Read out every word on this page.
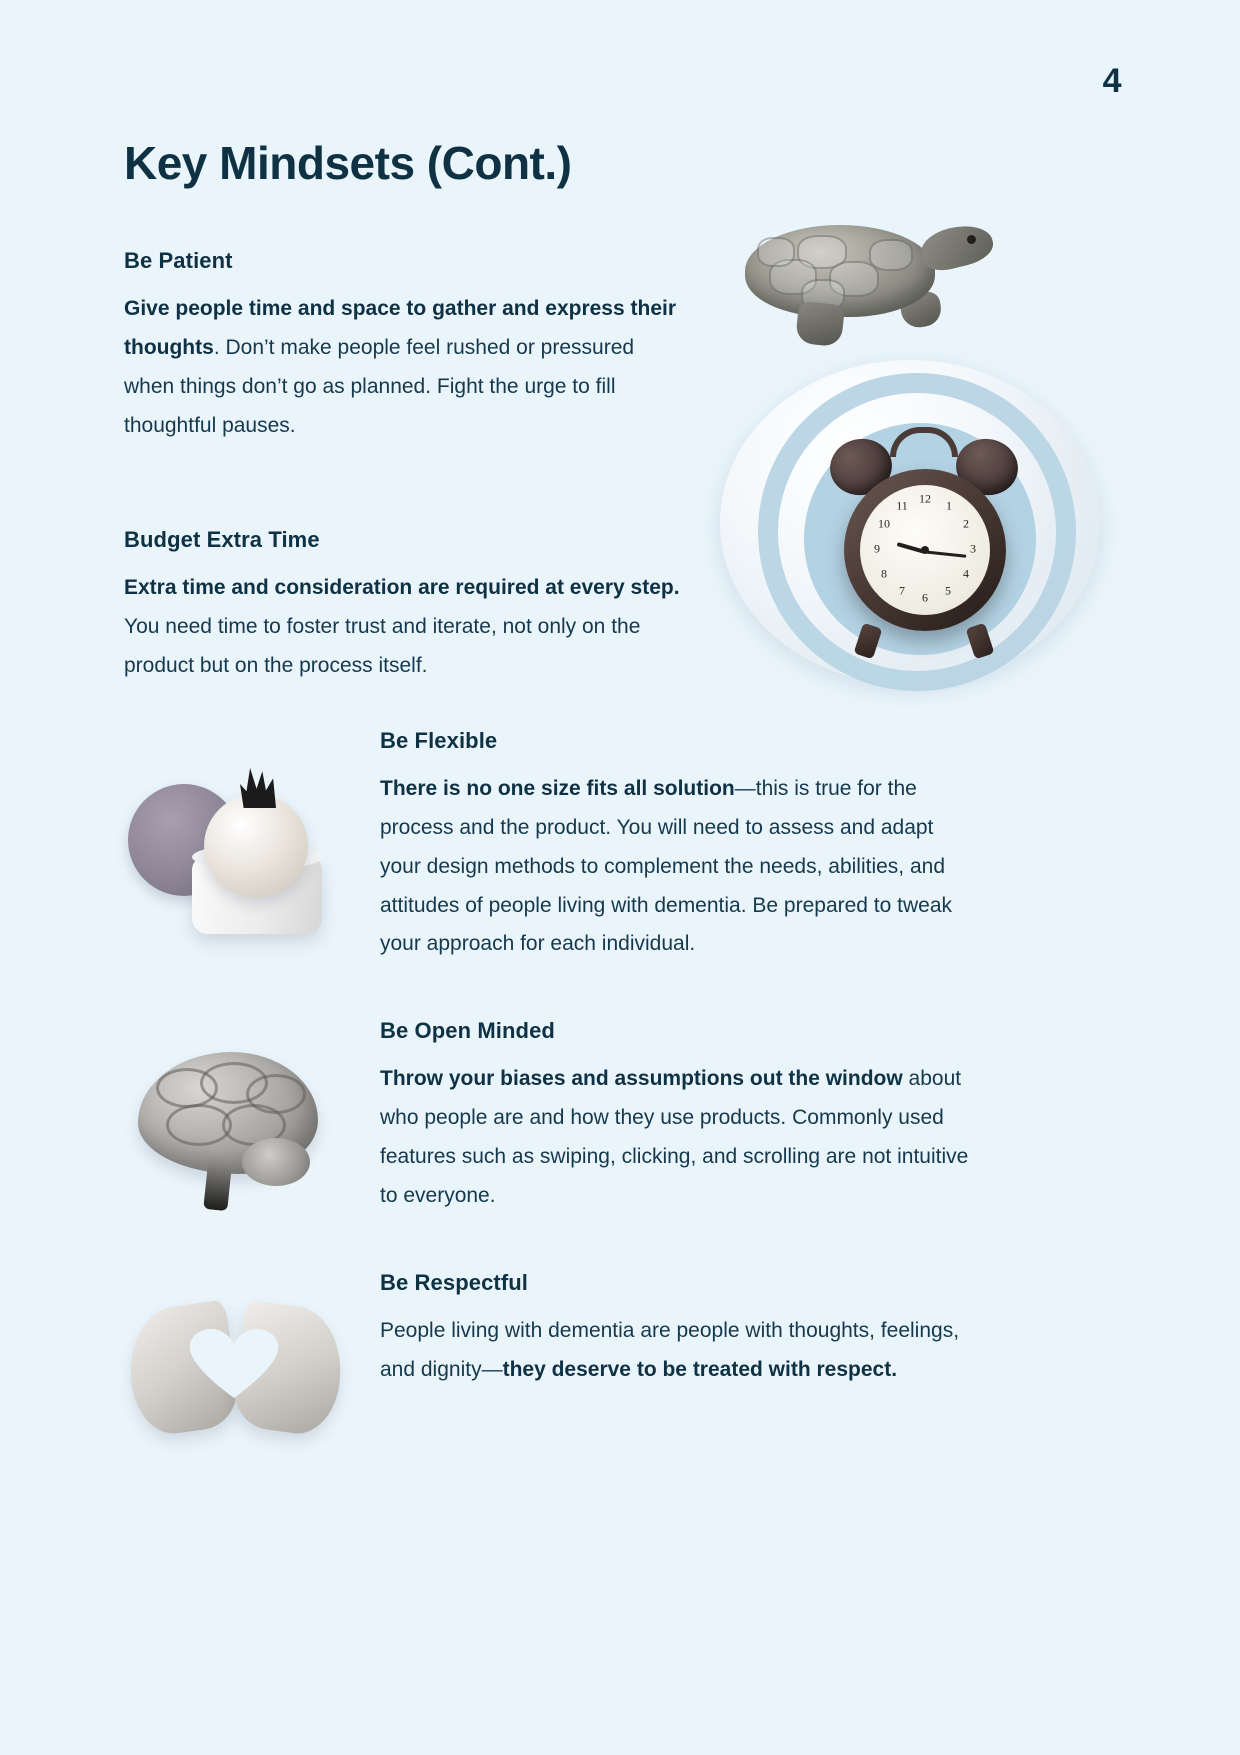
4
Key Mindsets (Cont.)
Be Patient

Give people time and space to gather and express their thoughts. Don’t make people feel rushed or pressured when things don’t go as planned. Fight the urge to fill thoughtful pauses.

Budget Extra Time

Extra time and consideration are required at every step. You need time to foster trust and iterate, not only on the product but on the process itself.

12 1
2
3
4
5
6
7
8
9
10
11
Be Flexible

There is no one size fits all solution—this is true for the process and the product. You will need to assess and adapt your design methods to complement the needs, abilities, and attitudes of people living with dementia. Be prepared to tweak your approach for each individual.

Be Open Minded

Throw your biases and assumptions out the window about who people are and how they use products. Commonly used features such as swiping, clicking, and scrolling are not intuitive to everyone.

Be Respectful

People living with dementia are people with thoughts, feelings, and dignity—they deserve to be treated with respect.
